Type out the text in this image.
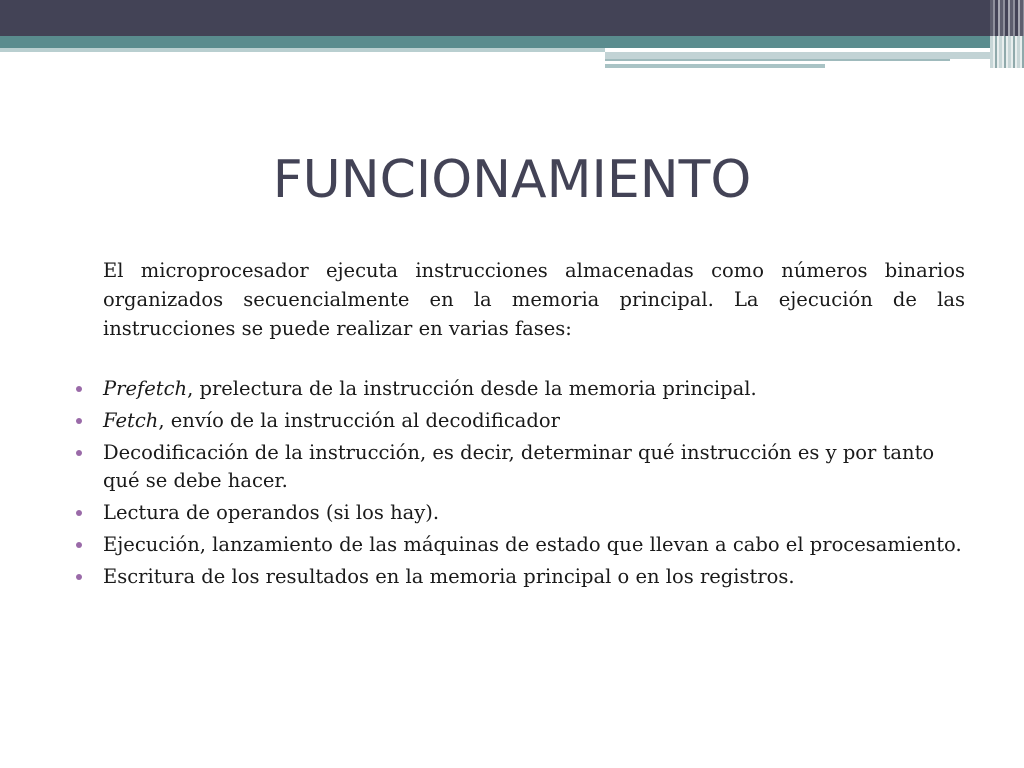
FUNCIONAMIENTO

El microprocesador ejecuta instrucciones almacenadas como números binarios organizados secuencialmente en la memoria principal. La ejecución de las instrucciones se puede realizar en varias fases:

Prefetch, prelectura de la instrucción desde la memoria principal.
Fetch, envío de la instrucción al decodificador
Decodificación de la instrucción, es decir, determinar qué instrucción es y por tanto qué se debe hacer.
Lectura de operandos (si los hay).
Ejecución, lanzamiento de las máquinas de estado que llevan a cabo el procesamiento.
Escritura de los resultados en la memoria principal o en los registros.
